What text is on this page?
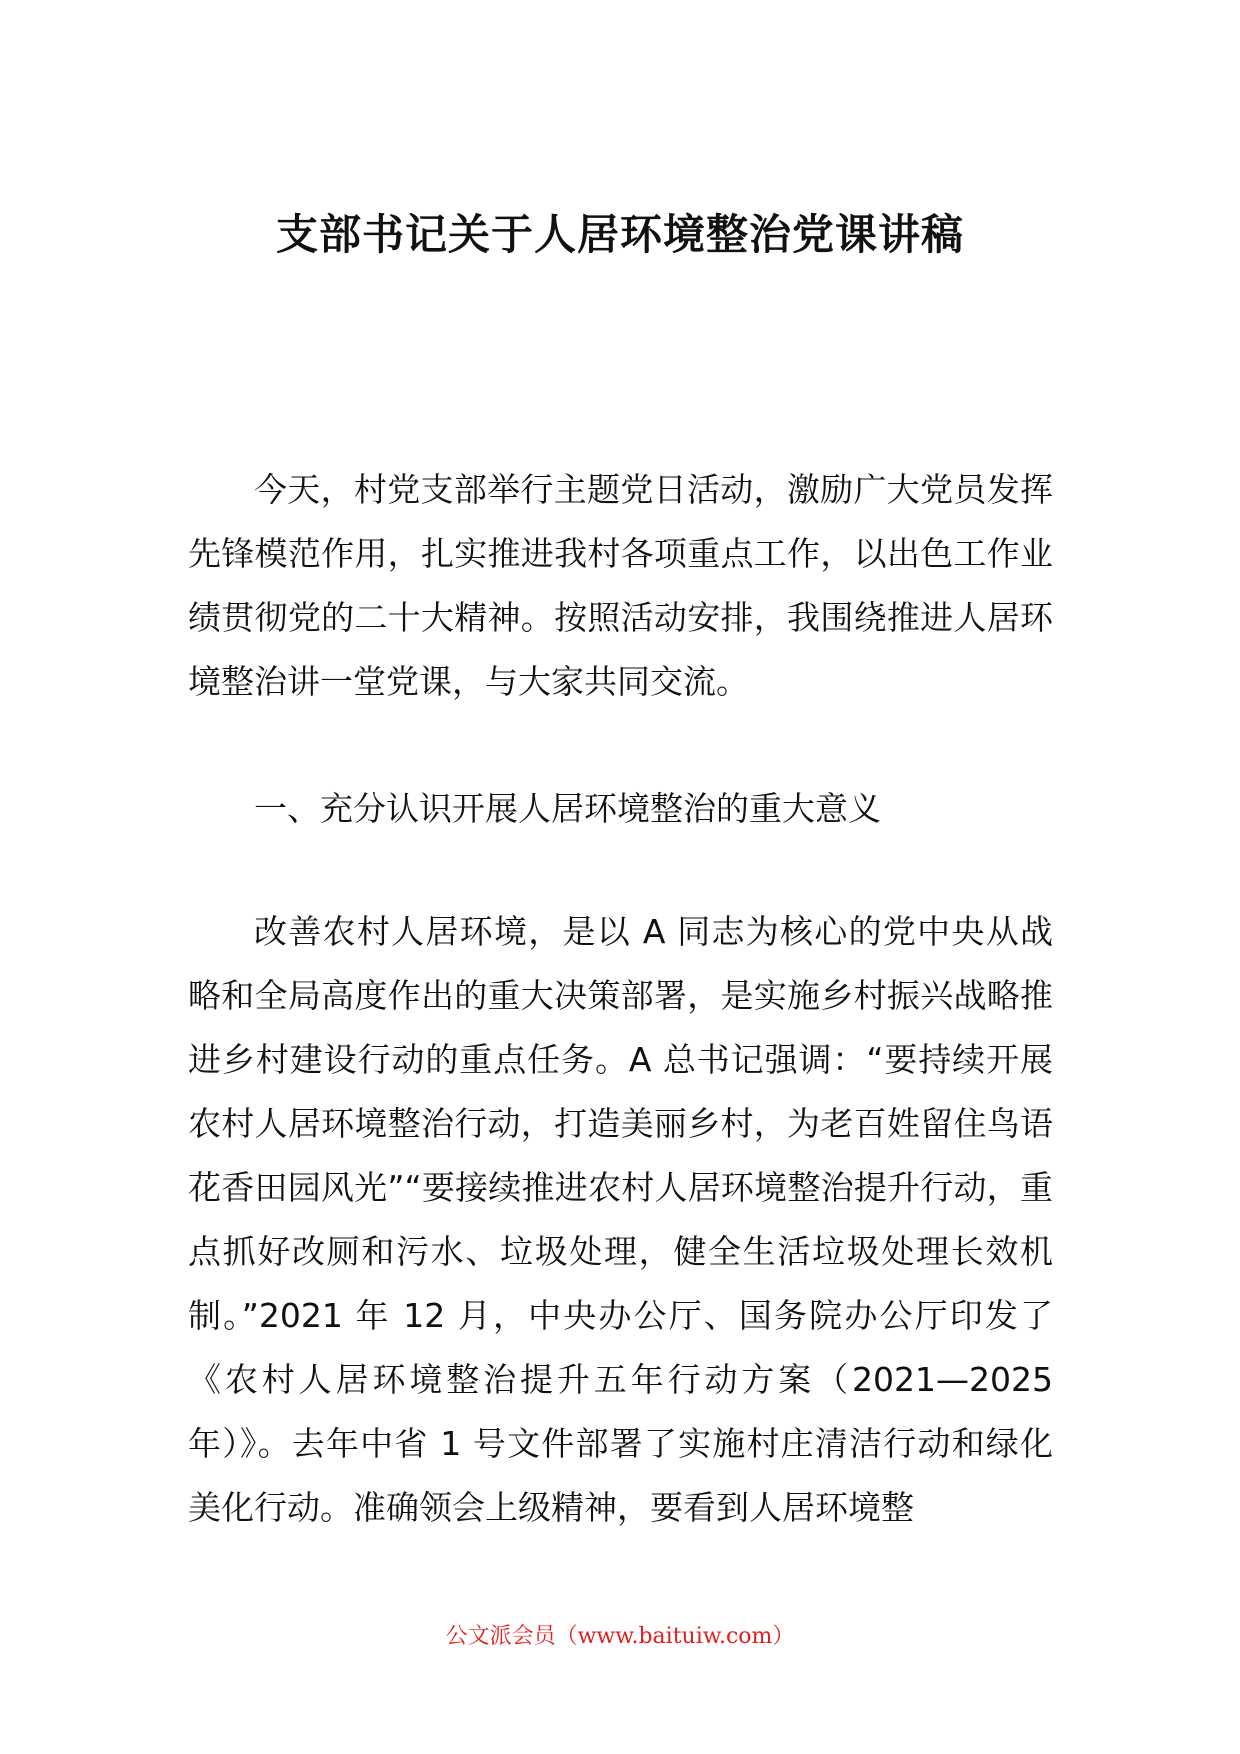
支部书记关于人居环境整治党课讲稿

今天，村党支部举行主题党日活动，激励广大党员发挥先锋模范作用，扎实推进我村各项重点工作，以出色工作业绩贯彻党的二十大精神。按照活动安排，我围绕推进人居环境整治讲一堂党课，与大家共同交流。

一、充分认识开展人居环境整治的重大意义

改善农村人居环境，是以 A 同志为核心的党中央从战略和全局高度作出的重大决策部署，是实施乡村振兴战略推进乡村建设行动的重点任务。A 总书记强调：“要持续开展农村人居环境整治行动，打造美丽乡村，为老百姓留住鸟语花香田园风光”“要接续推进农村人居环境整治提升行动，重点抓好改厕和污水、垃圾处理，健全生活垃圾处理长效机制。”2021 年 12 月，中央办公厅、国务院办公厅印发了《农村人居环境整治提升五年行动方案（2021—2025 年）》。去年中省 1 号文件部署了实施村庄清洁行动和绿化美化行动。准确领会上级精神，要看到人居环境整

公文派会员（www.baituiw.com）
